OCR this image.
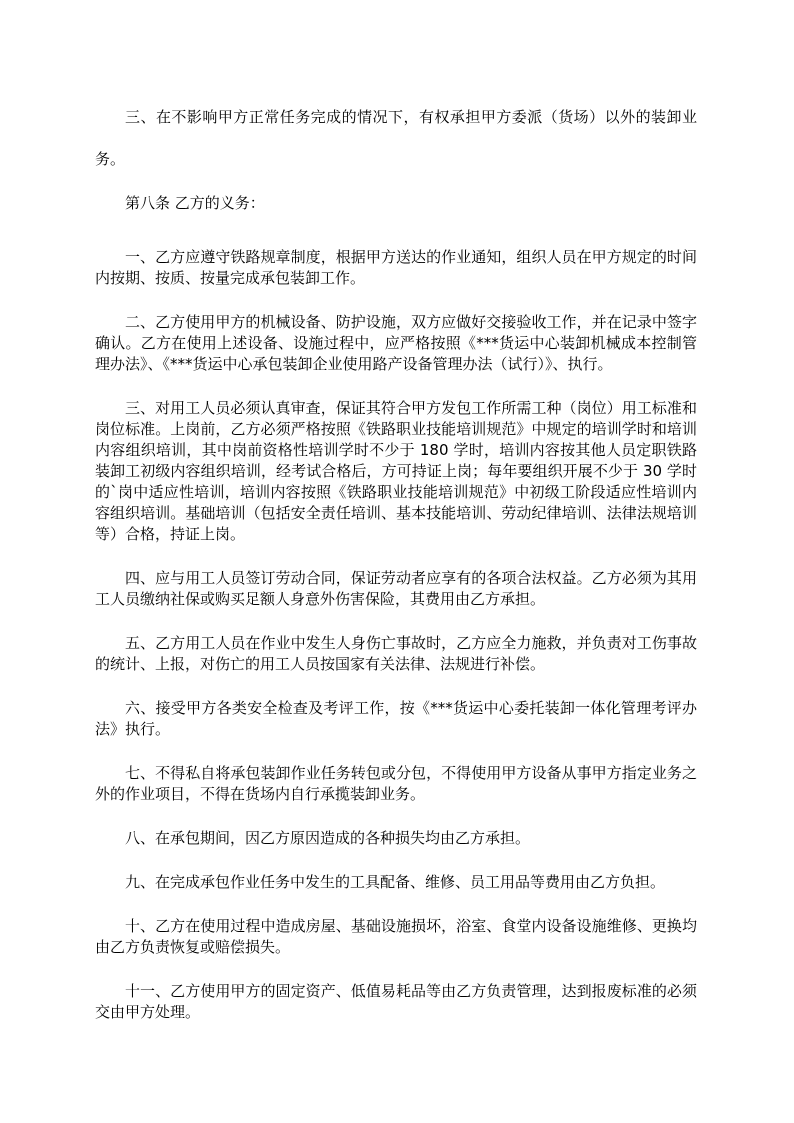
三、在不影响甲方正常任务完成的情况下，有权承担甲方委派（货场）以外的装卸业务。

第八条 乙方的义务：

一、乙方应遵守铁路规章制度，根据甲方送达的作业通知，组织人员在甲方规定的时间内按期、按质、按量完成承包装卸工作。

二、乙方使用甲方的机械设备、防护设施，双方应做好交接验收工作，并在记录中签字确认。乙方在使用上述设备、设施过程中，应严格按照《***货运中心装卸机械成本控制管理办法》、《***货运中心承包装卸企业使用路产设备管理办法（试行）》、执行。

三、对用工人员必须认真审查，保证其符合甲方发包工作所需工种（岗位）用工标准和岗位标准。上岗前，乙方必须严格按照《铁路职业技能培训规范》中规定的培训学时和培训内容组织培训，其中岗前资格性培训学时不少于 180 学时，培训内容按其他人员定职铁路装卸工初级内容组织培训，经考试合格后，方可持证上岗；每年要组织开展不少于 30 学时的`岗中适应性培训，培训内容按照《铁路职业技能培训规范》中初级工阶段适应性培训内容组织培训。基础培训（包括安全责任培训、基本技能培训、劳动纪律培训、法律法规培训等）合格，持证上岗。

四、应与用工人员签订劳动合同，保证劳动者应享有的各项合法权益。乙方必须为其用工人员缴纳社保或购买足额人身意外伤害保险，其费用由乙方承担。

五、乙方用工人员在作业中发生人身伤亡事故时，乙方应全力施救，并负责对工伤事故的统计、上报，对伤亡的用工人员按国家有关法律、法规进行补偿。

六、接受甲方各类安全检查及考评工作，按《***货运中心委托装卸一体化管理考评办法》执行。

七、不得私自将承包装卸作业任务转包或分包，不得使用甲方设备从事甲方指定业务之外的作业项目，不得在货场内自行承揽装卸业务。

八、在承包期间，因乙方原因造成的各种损失均由乙方承担。

九、在完成承包作业任务中发生的工具配备、维修、员工用品等费用由乙方负担。

十、乙方在使用过程中造成房屋、基础设施损坏，浴室、食堂内设备设施维修、更换均由乙方负责恢复或赔偿损失。

十一、乙方使用甲方的固定资产、低值易耗品等由乙方负责管理，达到报废标准的必须交由甲方处理。
